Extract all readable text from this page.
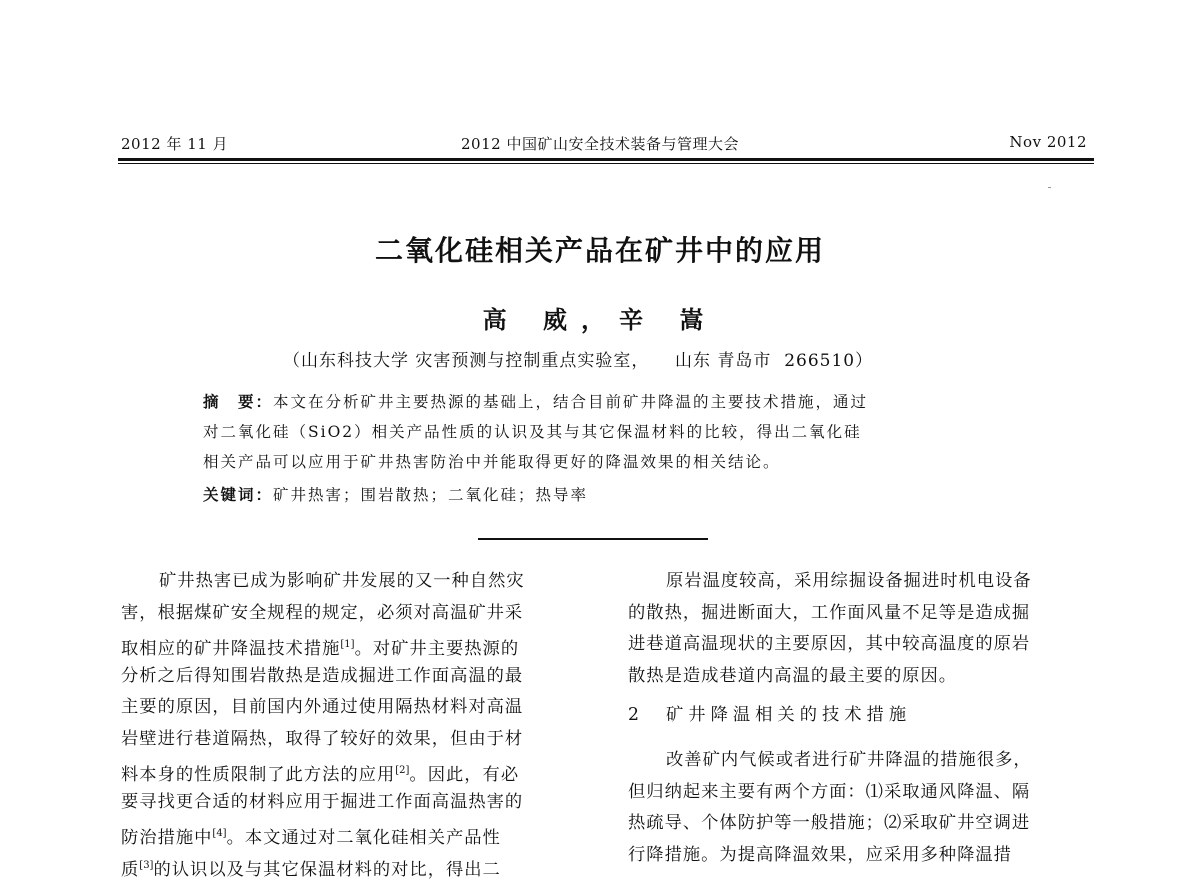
2012 年 11 月	2012 中国矿山安全技术装备与管理大会	Nov 2012
二氧化硅相关产品在矿井中的应用
高 威，辛 嵩
（山东科技大学 灾害预测与控制重点实验室，    山东 青岛市  266510）
摘　要：本文在分析矿井主要热源的基础上，结合目前矿井降温的主要技术措施，通过
对二氧化硅（SiO2）相关产品性质的认识及其与其它保温材料的比较，得出二氧化硅
相关产品可以应用于矿井热害防治中并能取得更好的降温效果的相关结论。
关键词：矿井热害；围岩散热；二氧化硅；热导率
矿井热害已成为影响矿井发展的又一种自然灾
害，根据煤矿安全规程的规定，必须对高温矿井采
取相应的矿井降温技术措施[1]。对矿井主要热源的
分析之后得知围岩散热是造成掘进工作面高温的最
主要的原因，目前国内外通过使用隔热材料对高温
岩壁进行巷道隔热，取得了较好的效果，但由于材
料本身的性质限制了此方法的应用[2]。因此，有必
要寻找更合适的材料应用于掘进工作面高温热害的
防治措施中[4]。本文通过对二氧化硅相关产品性
质[3]的认识以及与其它保温材料的对比，得出二
原岩温度较高，采用综掘设备掘进时机电设备
的散热，掘进断面大，工作面风量不足等是造成掘
进巷道高温现状的主要原因，其中较高温度的原岩
散热是造成巷道内高温的最主要的原因。
2 矿井降温相关的技术措施
改善矿内气候或者进行矿井降温的措施很多，
但归纳起来主要有两个方面：⑴采取通风降温、隔
热疏导、个体防护等一般措施；⑵采取矿井空调进
行降措施。为提高降温效果，应采用多种降温措
